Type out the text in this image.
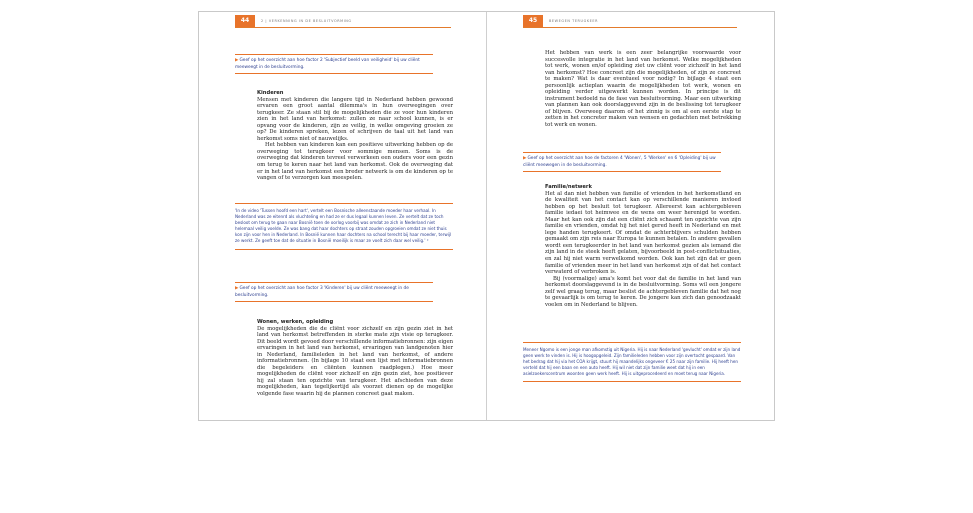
44	2 | VERKENNING IN DE BESLUITVORMING

▶Geef op het overzicht aan hoe factor 2 'Subjectief beeld van veiligheid' bij uw cliënt meeweegt in de besluitvorming.

Kinderen

Mensen met kinderen die langere tijd in Nederland hebben gewoond ervaren een groot aantal dilemma's in hun overwegingen over terugkeer. Ze staan stil bij de mogelijkheden die ze voor hun kinderen zien in het land van herkomst: zullen ze naar school kunnen, is er opvang voor de kinderen, zijn ze veilig, in welke omgeving groeien ze op? De kinderen spreken, lezen of schrijven de taal uit het land van herkomst soms niet of nauwelijks.

Het hebben van kinderen kan een positieve uitwerking hebben op de overweging tot terugkeer voor sommige mensen. Soms is de overweging dat kinderen tevreel verwerkeen een ouders voor een gezin om terug te keren naar het land van herkomst. Ook de overweging dat er in het land van herkomst een breder netwerk is om de kinderen op te vangen of te verzorgen kan meespelen.

'In de video 'Tussen hoofd een hart', vertelt een Bosnische alleenstaande moeder haar verhaal. In Nederland was ze eitenrd als vluchteling en had ze er dus legaal kunnen leven. Ze vertelt dat ze toch besloot om terug te gaan naar Bosnië toen de oorlog voorbij was omdat ze zich in Nederland niet helemaal veilig voelde. Ze was bang dat haar dochters op straat zouden opgroeien omdat ze niet thuis kon zijn voor hen in Nederland. In Bosnië kunnen haar dochters na school terecht bij haar moeder, terwijl ze werkt. Ze geeft toe dat de situatie in Bosnië moeilijk is maar ze voelt zich daar wel veilig.' ²

▶Geef op het overzicht aan hoe factor 3 'Kinderen' bij uw cliënt meeweegt in de besluitvorming.

Wonen, werken, opleiding

De mogelijkheden die de cliënt voor zichzelf en zijn gezin ziet in het land van herkomst betreffenden in sterke mate zijn visie op terugkeer. Dit beeld wordt gevoed door verschillende informatiebronnen: zijn eigen ervaringen in het land van herkomst, ervaringen van landgenoten hier in Nederland, familieleden in het land van herkomst, of andere informatiebronnen. (In bijlage 10 staat een lijst met informatiebronnen die begeleiders en cliënten kunnen raadplegen.) Hoe meer mogelijkheden de cliënt voor zichzelf en zijn gezin ziet, hoe positiever hij zal staan ten opzichte van terugkeer. Het afschieden van deze mogelijkheden, kan tegelijkertijd als voorzet dienen op de mogelijke volgende fase waarin hij de plannen concreet gaat maken.

45	BEWEGEN TERUGKEER

Het hebben van werk is een zeer belangrijke voorwaarde voor succesvolle integratie in het land van herkomst. Welke mogelijkheden tot werk, wonen en/of opleiding ziet uw cliënt voor zichzelf in het land van herkomst? Hoe concreet zijn die mogelijkheden, of zijn ze concreet te maken? Wat is daar eventueel voor nodig? In bijlage 4 staat een persoonlijk actieplan waarin de mogelijkheden tot werk, wonen en opleiding verder uitgewerkt kunnen worden. In principe is dit instrument bedoeld na de fase van besluitvorming. Maar een uitwerking van plannen kan ook doorslaggevend zijn in de beslissing tot terugkeer of blijven. Overweeg daarom of het zinnig is om al een eerste stap te zetten in het concreter maken van wensen en gedachten met betrekking tot werk en wonen.

▶Geef op het overzicht aan hoe de factoren 4 'Wonen', 5 'Werken' en 6 'Opleiding' bij uw cliënt meewegen in de besluitvorming.

Familie/netwerk

Het al dan niet hebben van familie of vrienden in het herkomstland en de kwaliteit van het contact kan op verschillende manieren invloed hebben op het besluit tot terugkeer. Allereerst kan achtergebleven familie iedaei tot heimwee en de wens om weer herenigd te worden. Maar het kan ook zijn dat een cliënt zich schaamt ten opzichte van zijn familie en vrienden, omdat hij het niet gered heeft in Nederland en met lege handen terugkeert. Of omdat de achterblijvers schulden hebben gemaakt om zijn reis naar Europa te kunnen betalen. In andere gevallen wordt een terugkeerder in het land van herkomst gezien als iemand die zijn land in de steek heeft gelaten, bijvoorbeeld in post-conflictsituaties, en zal hij niet warm verwelkomd worden. Ook kan het zijn dat er geen familie of vrienden meer in het land van herkomst zijn of dat het contact verwaterd of verbroken is.

Bij (voormalige) ama's komt het voor dat de familie in het land van herkomst doorslaggevend is in de besluitvorming. Soms wil een jongere zelf wel graag terug, maar beslist de achtergebleven familie dat het nog te gevaarlijk is om terug te keren. De jongere kan zich dan genoodzaakt voelen om in Nederland te blijven.

Meneer Ngomo is een jonge man afkomstig uit Nigeria. Hij is naar Nederland 'gevlucht' omdat er zijn land geen werk te vinden is. Hij is hoogopgeleid. Zijn familieleden hebben voor zijn overtocht gespaard. Van het bedrag dat hij via het COA krijgt, stuurt hij maandelijks ongeveer € 25 naar zijn familie. Hij heeft hen verteld dat hij een baan en een auto heeft. Hij wil niet dat zijn familie weet dat hij in een asielzoekerscentrum woonten geen werk heeft. Hij is uitgeprocedeerd en moet terug naar Nigeria.
